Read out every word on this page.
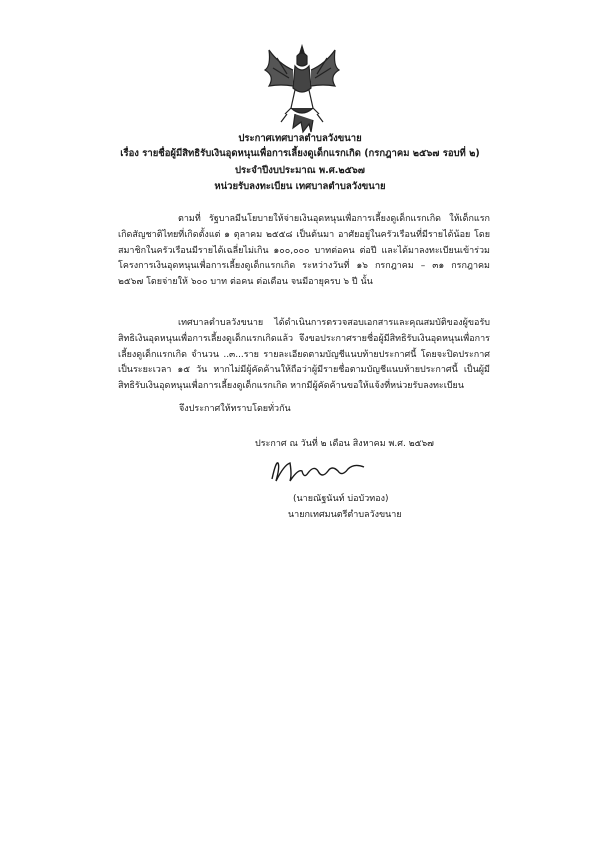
ประกาศเทศบาลตำบลวังขนาย
เรื่อง รายชื่อผู้มีสิทธิรับเงินอุดหนุนเพื่อการเลี้ยงดูเด็กแรกเกิด (กรกฎาคม ๒๕๖๗ รอบที่ ๒)
ประจำปีงบประมาณ พ.ศ.๒๕๖๗
หน่วยรับลงทะเบียน เทศบาลตำบลวังขนาย
ตามที่ รัฐบาลมีนโยบายให้จ่ายเงินอุดหนุนเพื่อการเลี้ยงดูเด็กแรกเกิด ให้เด็กแรกเกิดสัญชาติไทยที่เกิดตั้งแต่ ๑ ตุลาคม ๒๕๕๘ เป็นต้นมา อาศัยอยู่ในครัวเรือนที่มีรายได้น้อย โดยสมาชิกในครัวเรือนมีรายได้เฉลี่ยไม่เกิน ๑๐๐,๐๐๐ บาทต่อคน ต่อปี และได้มาลงทะเบียนเข้าร่วมโครงการเงินอุดหนุนเพื่อการเลี้ยงดูเด็กแรกเกิด ระหว่างวันที่ ๑๖ กรกฎาคม – ๓๑ กรกฎาคม ๒๕๖๗ โดยจ่ายให้ ๖๐๐ บาท ต่อคน ต่อเดือน จนมีอายุครบ ๖ ปี นั้น
เทศบาลตำบลวังขนาย ได้ดำเนินการตรวจสอบเอกสารและคุณสมบัติของผู้ขอรับสิทธิเงินอุดหนุนเพื่อการเลี้ยงดูเด็กแรกเกิดแล้ว จึงขอประกาศรายชื่อผู้มีสิทธิรับเงินอุดหนุนเพื่อการเลี้ยงดูเด็กแรกเกิด จำนวน ..๓...ราย รายละเอียดตามบัญชีแนบท้ายประกาศนี้ โดยจะปิดประกาศเป็นระยะเวลา ๑๕ วัน หากไม่มีผู้คัดค้านให้ถือว่าผู้มีรายชื่อตามบัญชีแนบท้ายประกาศนี้ เป็นผู้มีสิทธิรับเงินอุดหนุนเพื่อการเลี้ยงดูเด็กแรกเกิด หากมีผู้คัดค้านขอให้แจ้งที่หน่วยรับลงทะเบียน
จึงประกาศให้ทราบโดยทั่วกัน
ประกาศ ณ วันที่ ๒ เดือน สิงหาคม พ.ศ. ๒๕๖๗
(นายณัฐนันท์ บ่อบัวทอง)
นายกเทศมนตรีตำบลวังขนาย
